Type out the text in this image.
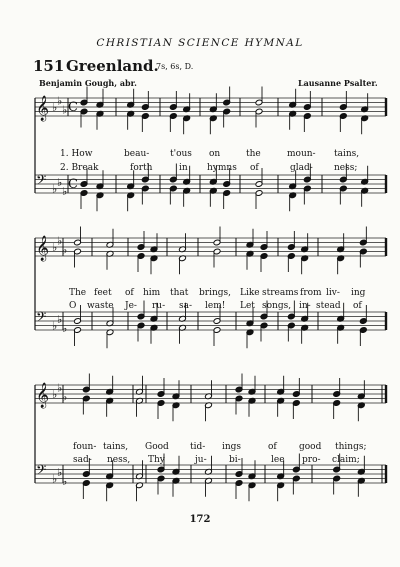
CHRISTIAN SCIENCE HYMNAL
151 Greenland.
7s, 6s, D.
Benjamin Gough, abr.	Lausanne Psalter.
1. How	beau- t'ous on	the	moun- tains,
2. Break	forth	in hymns of	glad- ness;
The feet of him that brings, Like streams from liv- ing
O waste Je- ru- sa- lem! Let songs, in- stead of
foun- tains, Good tid- ings	of good things;
sad- ness, Thy	ju- bi-	lee pro- claim;
172
𝄞
𝄢
♭
♭
♭
♭
♭
♭
C
C
𝄞
𝄢
♭
♭
♭
♭
♭
♭
𝄞
𝄢
♭
♭
♭
♭
♭
♭
